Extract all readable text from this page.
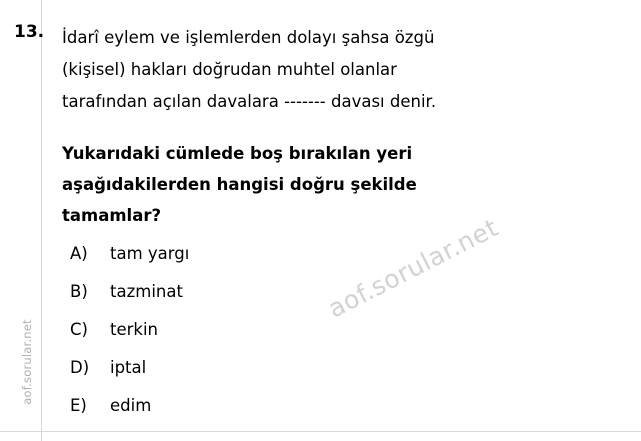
aof.sorular.net
13. İdarî eylem ve işlemlerden dolayı şahsa özgü
(kişisel) hakları doğrudan muhtel olanlar
tarafından açılan davalara ------- davası denir.
Yukarıdaki cümlede boş bırakılan yeri
aşağıdakilerden hangisi doğru şekilde
tamamlar?
A)	tam yargı
B)	tazminat
C)	terkin
D)	iptal
E)	edim
aof.sorular.net
